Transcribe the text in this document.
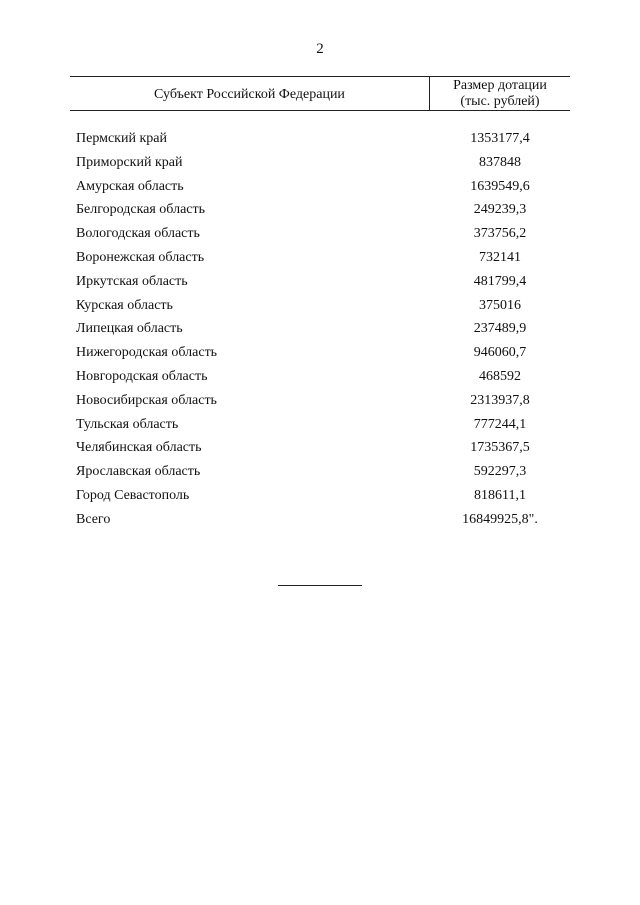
2
Субъект Российской Федерации
Размер дотации
(тыс. рублей)
Пермский край	1353177,4
Приморский край	837848
Амурская область	1639549,6
Белгородская область	249239,3
Вологодская область	373756,2
Воронежская область	732141
Иркутская область	481799,4
Курская область	375016
Липецкая область	237489,9
Нижегородская область	946060,7
Новгородская область	468592
Новосибирская область	2313937,8
Тульская область	777244,1
Челябинская область	1735367,5
Ярославская область	592297,3
Город Севастополь	818611,1
Всего	16849925,8".
